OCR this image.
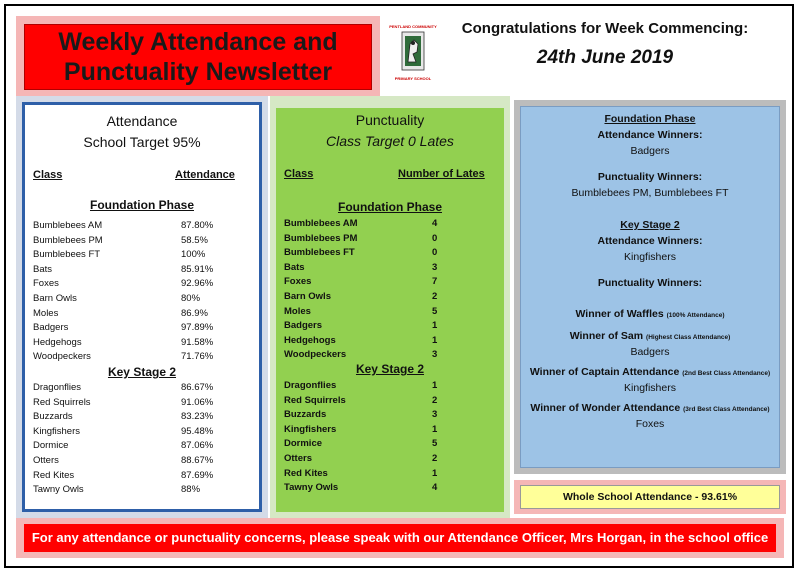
Weekly Attendance and
Punctuality Newsletter
PENTLAND COMMUNITY
PRIMARY SCHOOL
Congratulations for Week Commencing:
24th June 2019
Attendance
School Target 95%
Class	Attendance
Foundation Phase
Bumblebees AM	87.80%
Bumblebees PM	58.5%
Bumblebees FT	100%
Bats	85.91%
Foxes	92.96%
Barn Owls	80%
Moles	86.9%
Badgers	97.89%
Hedgehogs	91.58%
Woodpeckers	71.76%
Key Stage 2
Dragonflies	86.67%
Red Squirrels	91.06%
Buzzards	83.23%
Kingfishers	95.48%
Dormice	87.06%
Otters	88.67%
Red Kites	87.69%
Tawny Owls	88%
Punctuality
Class Target 0 Lates
Class	Number of Lates
Foundation Phase
Bumblebees AM	4
Bumblebees PM	0
Bumblebees FT	0
Bats	3
Foxes	7
Barn Owls	2
Moles	5
Badgers	1
Hedgehogs	1
Woodpeckers	3
Key Stage 2
Dragonflies	1
Red Squirrels	2
Buzzards	3
Kingfishers	1
Dormice	5
Otters	2
Red Kites	1
Tawny Owls	4
Foundation Phase
Attendance Winners:
Badgers
Punctuality Winners:
Bumblebees PM, Bumblebees FT
Key Stage 2
Attendance Winners:
Kingfishers
Punctuality Winners:
Winner of Waffles (100% Attendance)
Winner of Sam (Highest Class Attendance)
Badgers
Winner of Captain Attendance (2nd Best Class Attendance)
Kingfishers
Winner of Wonder Attendance (3rd Best Class Attendance)
Foxes
Whole School Attendance - 93.61%
For any attendance or punctuality concerns, please speak with our Attendance Officer, Mrs Horgan, in the school office
